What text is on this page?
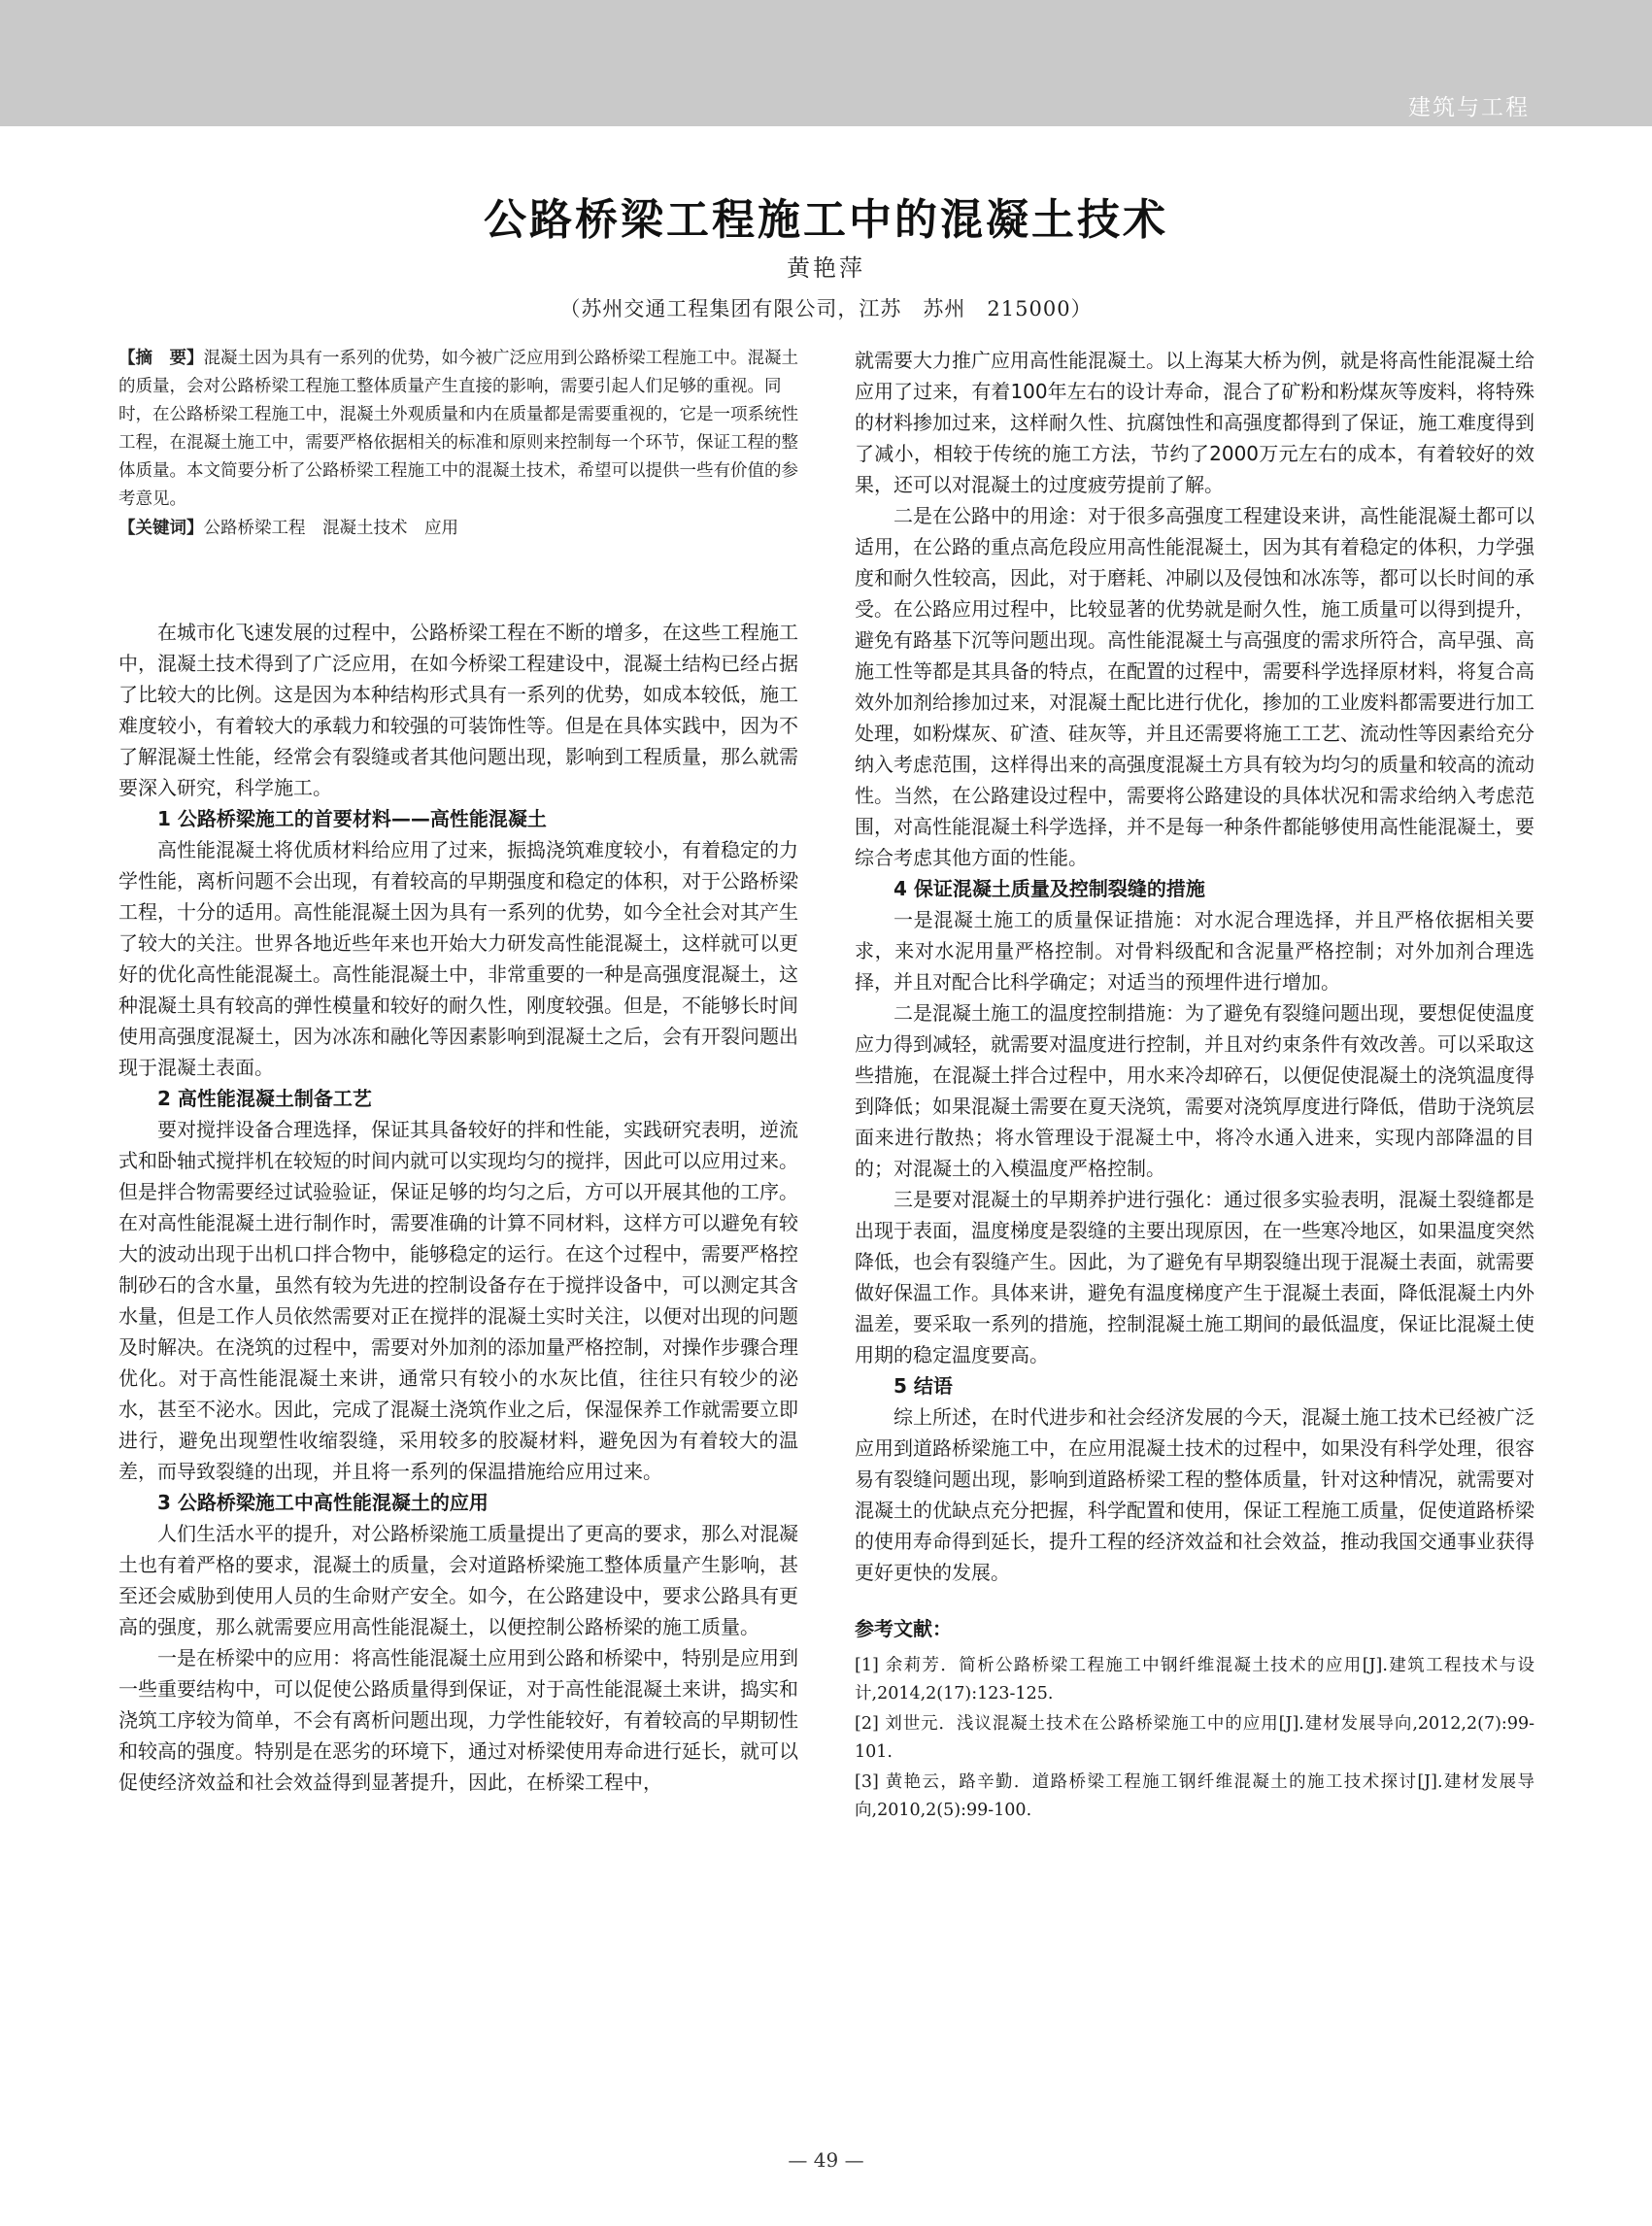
建筑与工程
公路桥梁工程施工中的混凝土技术
黄艳萍
（苏州交通工程集团有限公司，江苏　苏州　215000）
【摘　要】混凝土因为具有一系列的优势，如今被广泛应用到公路桥梁工程施工中。混凝土的质量，会对公路桥梁工程施工整体质量产生直接的影响，需要引起人们足够的重视。同时，在公路桥梁工程施工中，混凝土外观质量和内在质量都是需要重视的，它是一项系统性工程，在混凝土施工中，需要严格依据相关的标准和原则来控制每一个环节，保证工程的整体质量。本文简要分析了公路桥梁工程施工中的混凝土技术，希望可以提供一些有价值的参考意见。
【关键词】公路桥梁工程　混凝土技术　应用

在城市化飞速发展的过程中，公路桥梁工程在不断的增多，在这些工程施工中，混凝土技术得到了广泛应用，在如今桥梁工程建设中，混凝土结构已经占据了比较大的比例。这是因为本种结构形式具有一系列的优势，如成本较低，施工难度较小，有着较大的承载力和较强的可装饰性等。但是在具体实践中，因为不了解混凝土性能，经常会有裂缝或者其他问题出现，影响到工程质量，那么就需要深入研究，科学施工。

1 公路桥梁施工的首要材料——高性能混凝土

高性能混凝土将优质材料给应用了过来，振捣浇筑难度较小，有着稳定的力学性能，离析问题不会出现，有着较高的早期强度和稳定的体积，对于公路桥梁工程，十分的适用。高性能混凝土因为具有一系列的优势，如今全社会对其产生了较大的关注。世界各地近些年来也开始大力研发高性能混凝土，这样就可以更好的优化高性能混凝土。高性能混凝土中，非常重要的一种是高强度混凝土，这种混凝土具有较高的弹性模量和较好的耐久性，刚度较强。但是，不能够长时间使用高强度混凝土，因为冰冻和融化等因素影响到混凝土之后，会有开裂问题出现于混凝土表面。

2 高性能混凝土制备工艺

要对搅拌设备合理选择，保证其具备较好的拌和性能，实践研究表明，逆流式和卧轴式搅拌机在较短的时间内就可以实现均匀的搅拌，因此可以应用过来。但是拌合物需要经过试验验证，保证足够的均匀之后，方可以开展其他的工序。在对高性能混凝土进行制作时，需要准确的计算不同材料，这样方可以避免有较大的波动出现于出机口拌合物中，能够稳定的运行。在这个过程中，需要严格控制砂石的含水量，虽然有较为先进的控制设备存在于搅拌设备中，可以测定其含水量，但是工作人员依然需要对正在搅拌的混凝土实时关注，以便对出现的问题及时解决。在浇筑的过程中，需要对外加剂的添加量严格控制，对操作步骤合理优化。对于高性能混凝土来讲，通常只有较小的水灰比值，往往只有较少的泌水，甚至不泌水。因此，完成了混凝土浇筑作业之后，保湿保养工作就需要立即进行，避免出现塑性收缩裂缝，采用较多的胶凝材料，避免因为有着较大的温差，而导致裂缝的出现，并且将一系列的保温措施给应用过来。

3 公路桥梁施工中高性能混凝土的应用

人们生活水平的提升，对公路桥梁施工质量提出了更高的要求，那么对混凝土也有着严格的要求，混凝土的质量，会对道路桥梁施工整体质量产生影响，甚至还会威胁到使用人员的生命财产安全。如今，在公路建设中，要求公路具有更高的强度，那么就需要应用高性能混凝土，以便控制公路桥梁的施工质量。

一是在桥梁中的应用：将高性能混凝土应用到公路和桥梁中，特别是应用到一些重要结构中，可以促使公路质量得到保证，对于高性能混凝土来讲，捣实和浇筑工序较为简单，不会有离析问题出现，力学性能较好，有着较高的早期韧性和较高的强度。特别是在恶劣的环境下，通过对桥梁使用寿命进行延长，就可以促使经济效益和社会效益得到显著提升，因此，在桥梁工程中，

就需要大力推广应用高性能混凝土。以上海某大桥为例，就是将高性能混凝土给应用了过来，有着100年左右的设计寿命，混合了矿粉和粉煤灰等废料，将特殊的材料掺加过来，这样耐久性、抗腐蚀性和高强度都得到了保证，施工难度得到了减小，相较于传统的施工方法，节约了2000万元左右的成本，有着较好的效果，还可以对混凝土的过度疲劳提前了解。

二是在公路中的用途：对于很多高强度工程建设来讲，高性能混凝土都可以适用，在公路的重点高危段应用高性能混凝土，因为其有着稳定的体积，力学强度和耐久性较高，因此，对于磨耗、冲刷以及侵蚀和冰冻等，都可以长时间的承受。在公路应用过程中，比较显著的优势就是耐久性，施工质量可以得到提升，避免有路基下沉等问题出现。高性能混凝土与高强度的需求所符合，高早强、高施工性等都是其具备的特点，在配置的过程中，需要科学选择原材料，将复合高效外加剂给掺加过来，对混凝土配比进行优化，掺加的工业废料都需要进行加工处理，如粉煤灰、矿渣、硅灰等，并且还需要将施工工艺、流动性等因素给充分纳入考虑范围，这样得出来的高强度混凝土方具有较为均匀的质量和较高的流动性。当然，在公路建设过程中，需要将公路建设的具体状况和需求给纳入考虑范围，对高性能混凝土科学选择，并不是每一种条件都能够使用高性能混凝土，要综合考虑其他方面的性能。

4 保证混凝土质量及控制裂缝的措施

一是混凝土施工的质量保证措施：对水泥合理选择，并且严格依据相关要求，来对水泥用量严格控制。对骨料级配和含泥量严格控制；对外加剂合理选择，并且对配合比科学确定；对适当的预埋件进行增加。

二是混凝土施工的温度控制措施：为了避免有裂缝问题出现，要想促使温度应力得到减轻，就需要对温度进行控制，并且对约束条件有效改善。可以采取这些措施，在混凝土拌合过程中，用水来冷却碎石，以便促使混凝土的浇筑温度得到降低；如果混凝土需要在夏天浇筑，需要对浇筑厚度进行降低，借助于浇筑层面来进行散热；将水管理设于混凝土中，将冷水通入进来，实现内部降温的目的；对混凝土的入模温度严格控制。

三是要对混凝土的早期养护进行强化：通过很多实验表明，混凝土裂缝都是出现于表面，温度梯度是裂缝的主要出现原因，在一些寒冷地区，如果温度突然降低，也会有裂缝产生。因此，为了避免有早期裂缝出现于混凝土表面，就需要做好保温工作。具体来讲，避免有温度梯度产生于混凝土表面，降低混凝土内外温差，要采取一系列的措施，控制混凝土施工期间的最低温度，保证比混凝土使用期的稳定温度要高。

5 结语

综上所述，在时代进步和社会经济发展的今天，混凝土施工技术已经被广泛应用到道路桥梁施工中，在应用混凝土技术的过程中，如果没有科学处理，很容易有裂缝问题出现，影响到道路桥梁工程的整体质量，针对这种情况，就需要对混凝土的优缺点充分把握，科学配置和使用，保证工程施工质量，促使道路桥梁的使用寿命得到延长，提升工程的经济效益和社会效益，推动我国交通事业获得更好更快的发展。

参考文献：
[1] 余莉芳．简析公路桥梁工程施工中钢纤维混凝土技术的应用[J].建筑工程技术与设计,2014,2(17):123-125.
[2] 刘世元．浅议混凝土技术在公路桥梁施工中的应用[J].建材发展导向,2012,2(7):99-101.
[3] 黄艳云，路辛勤．道路桥梁工程施工钢纤维混凝土的施工技术探讨[J].建材发展导向,2010,2(5):99-100.
— 49 —
